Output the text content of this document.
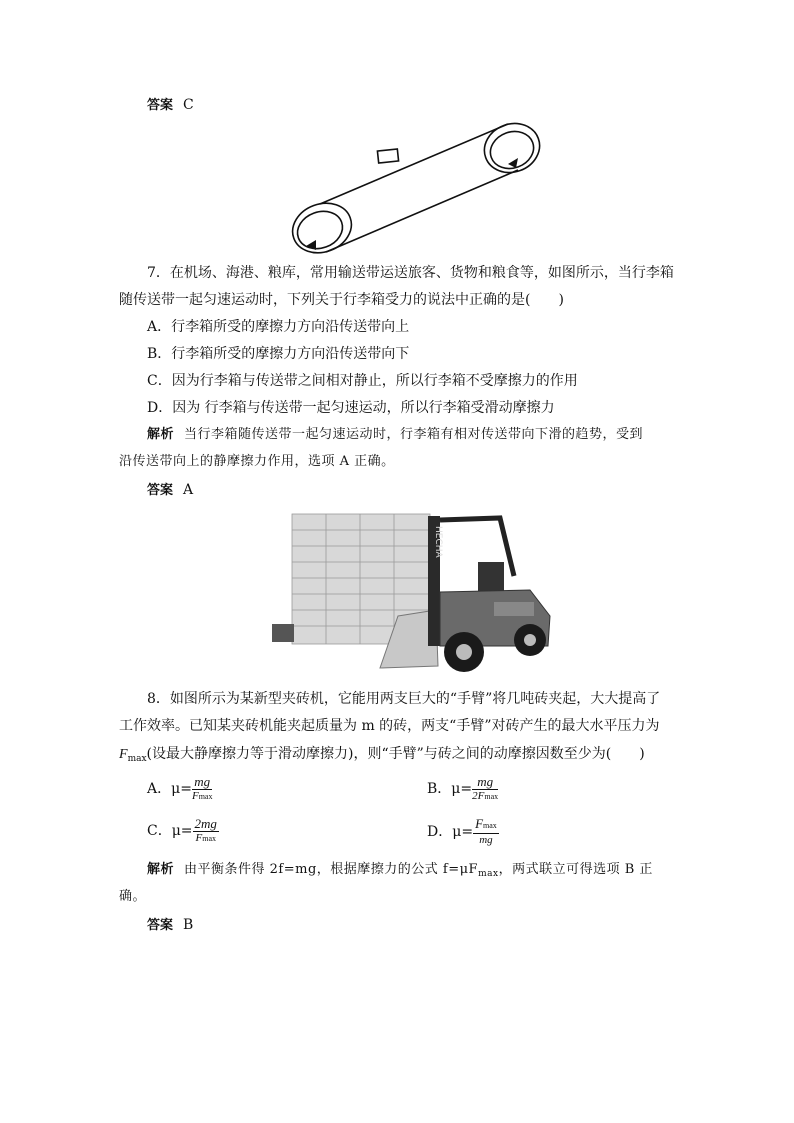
答案 C
7．在机场、海港、粮库，常用输送带运送旅客、货物和粮食等，如图所示，当行李箱
随传送带一起匀速运动时，下列关于行李箱受力的说法中正确的是(　　)
A．行李箱所受的摩擦力方向沿传送带向上
B．行李箱所受的摩擦力方向沿传送带向下
C．因为行李箱与传送带之间相对静止，所以行李箱不受摩擦力的作用
D．因为 行李箱与传送带一起匀速运动，所以行李箱受滑动摩擦力
解析 当行李箱随传送带一起匀速运动时，行李箱有相对传送带向下滑的趋势，受到
沿传送带向上的静摩擦力作用，选项 A 正确。
答案 A
HECHA
8．如图所示为某新型夹砖机，它能用两支巨大的“手臂”将几吨砖夹起，大大提高了
工作效率。已知某夹砖机能夹起质量为 m 的砖，两支“手臂”对砖产生的最大水平压力为
$F_{max}$(设最大静摩擦力等于滑动摩擦力)，则“手臂”与砖之间的动摩擦因数至少为(　　)
A．$\mu= \frac{mg}{Fmax}$	B．$\mu= \frac{mg}{2Fmax}$
C．$\mu= \frac{2mg}{Fmax}$	D．$\mu= \frac{Fmax}{mg}$
解析 由平衡条件得 2f=mg，根据摩擦力的公式 $f=\mu F_{max}$，两式联立可得选项 B 正
确。
答案 B
